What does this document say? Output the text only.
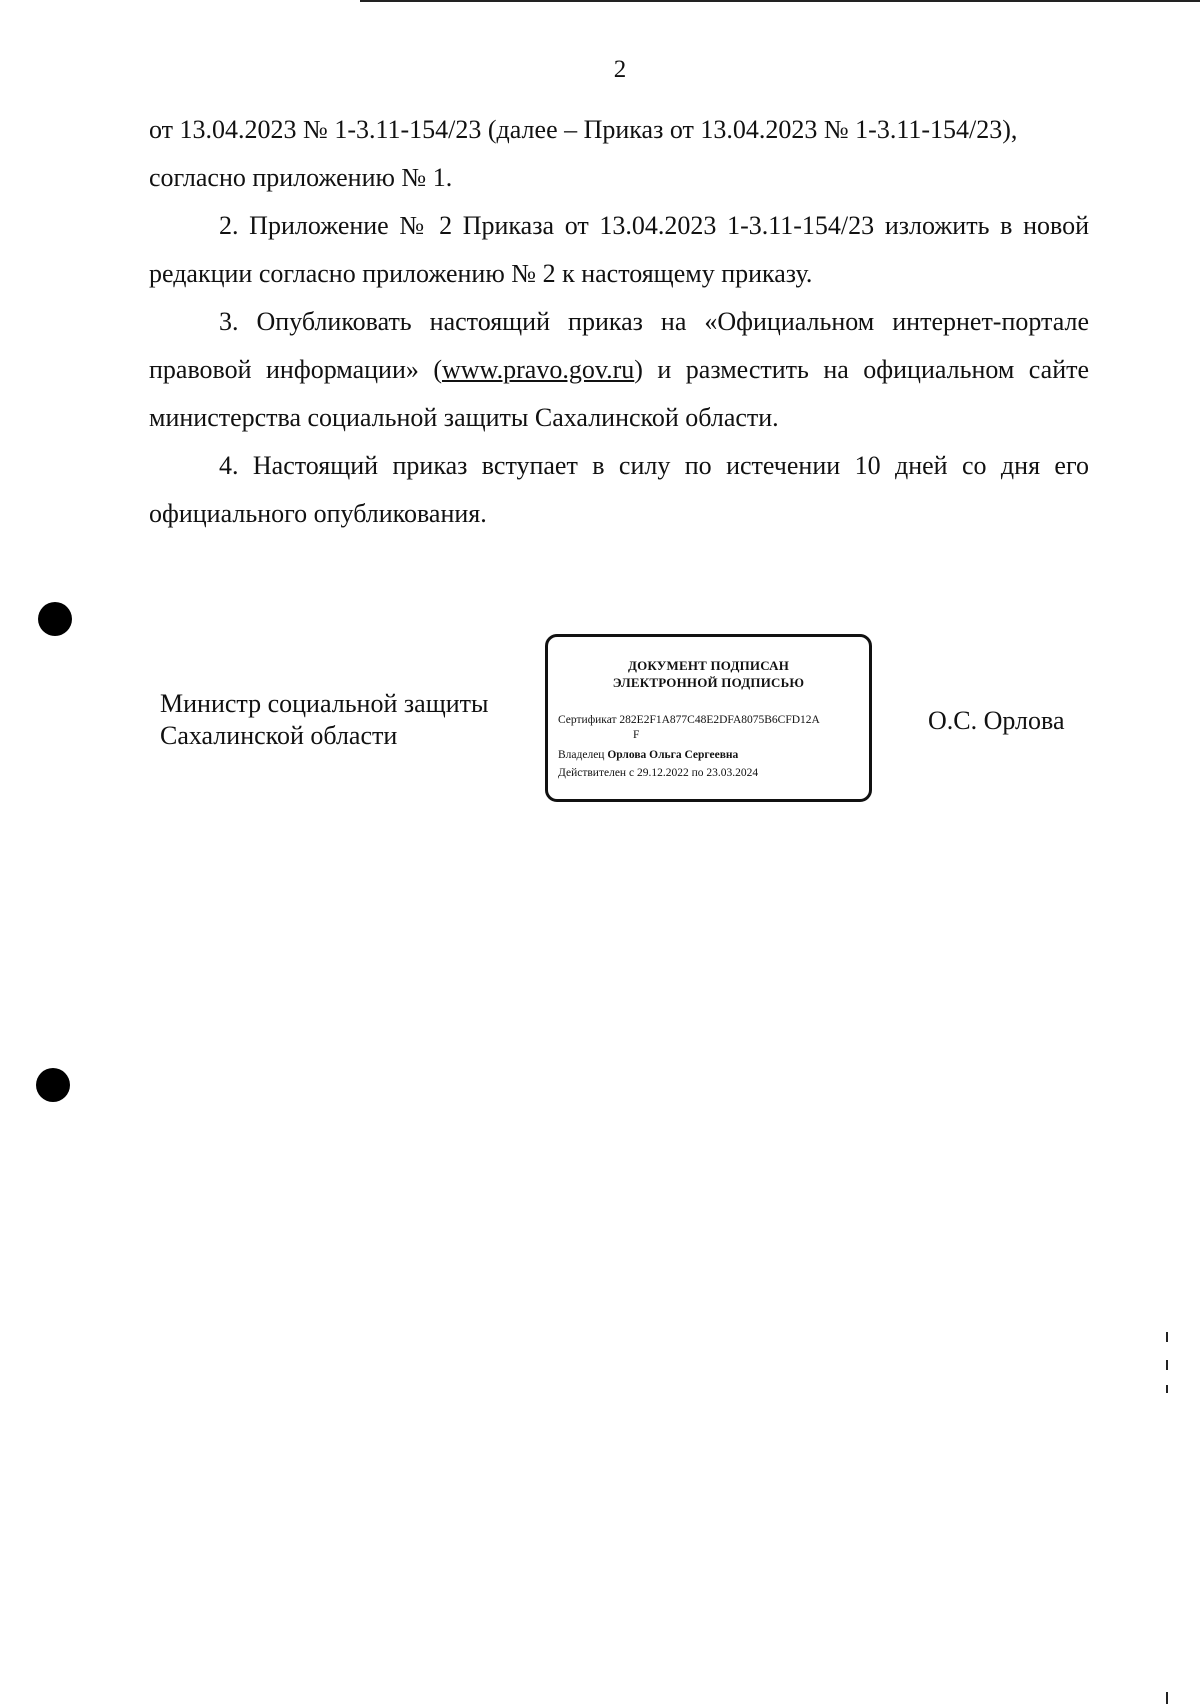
2

от 13.04.2023 № 1-3.11-154/23 (далее – Приказ от 13.04.2023 № 1-3.11-154/23),

согласно приложению № 1.

2. Приложение № 2 Приказа от 13.04.2023 1-3.11-154/23 изложить в новой редакции согласно приложению № 2 к настоящему приказу.

3. Опубликовать настоящий приказ на «Официальном интернет-портале правовой информации» (www.pravo.gov.ru) и разместить на официальном сайте министерства социальной защиты Сахалинской области.

4. Настоящий приказ вступает в силу по истечении 10 дней со дня его официального опубликования.

Министр социальной защиты
Сахалинской области
ДОКУМЕНТ ПОДПИСАН
ЭЛЕКТРОННОЙ ПОДПИСЬЮ
Сертификат 282E2F1A877C48E2DFA8075B6CFD12A
F
Владелец Орлова Ольга Сергеевна
Действителен с 29.12.2022 по 23.03.2024
О.С. Орлова
